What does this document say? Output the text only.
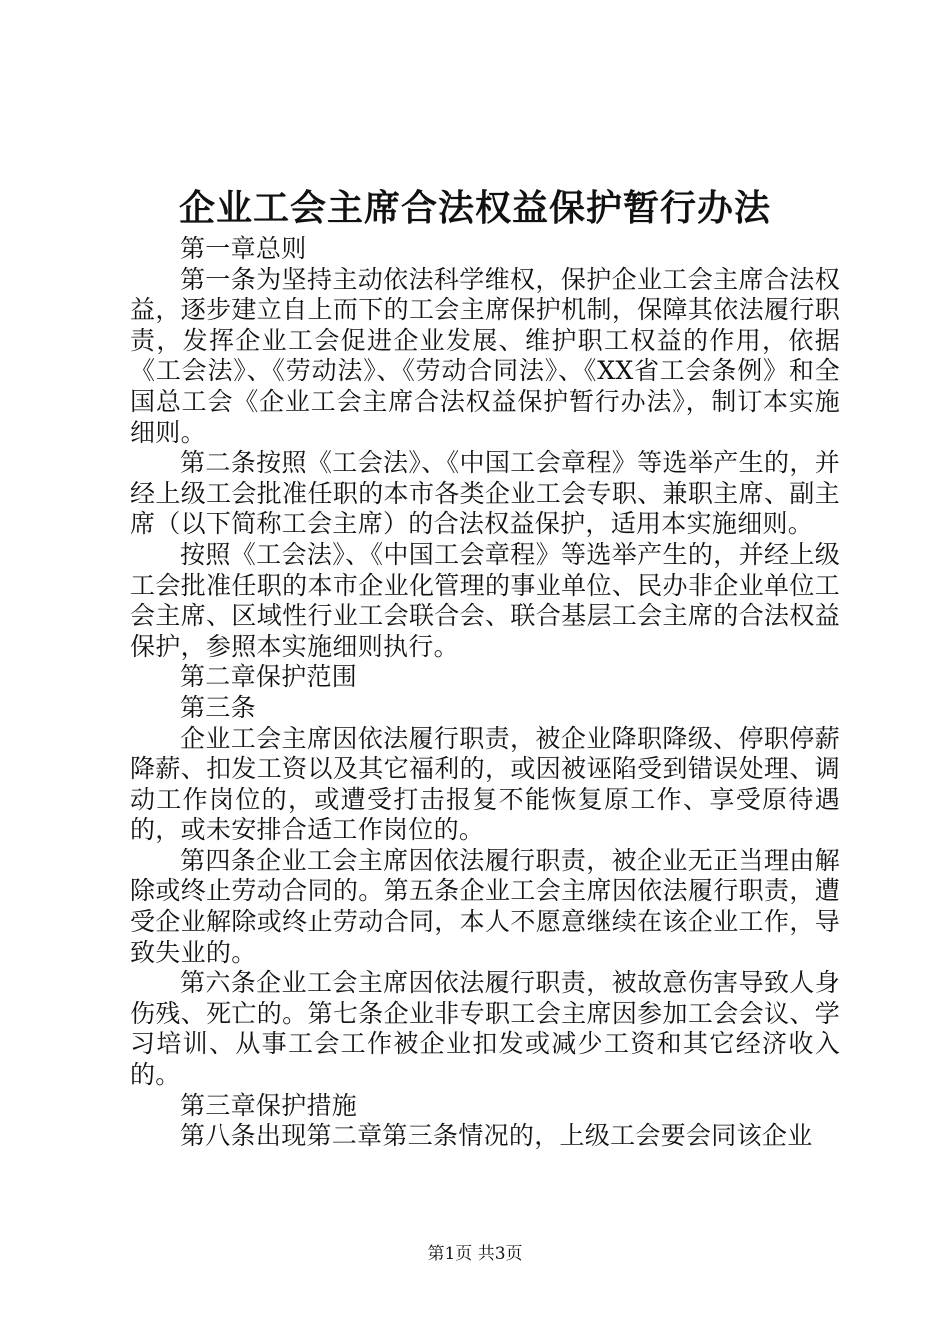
企业工会主席合法权益保护暂行办法

第一章总则

第一条为坚持主动依法科学维权，保护企业工会主席合法权益，逐步建立自上而下的工会主席保护机制，保障其依法履行职责，发挥企业工会促进企业发展、维护职工权益的作用，依据《工会法》、《劳动法》、《劳动合同法》、《XX省工会条例》和全国总工会《企业工会主席合法权益保护暂行办法》，制订本实施细则。

第二条按照《工会法》、《中国工会章程》等选举产生的，并经上级工会批准任职的本市各类企业工会专职、兼职主席、副主席（以下简称工会主席）的合法权益保护，适用本实施细则。

按照《工会法》、《中国工会章程》等选举产生的，并经上级工会批准任职的本市企业化管理的事业单位、民办非企业单位工会主席、区域性行业工会联合会、联合基层工会主席的合法权益保护，参照本实施细则执行。

第二章保护范围

第三条

企业工会主席因依法履行职责，被企业降职降级、停职停薪降薪、扣发工资以及其它福利的，或因被诬陷受到错误处理、调动工作岗位的，或遭受打击报复不能恢复原工作、享受原待遇的，或未安排合适工作岗位的。

第四条企业工会主席因依法履行职责，被企业无正当理由解除或终止劳动合同的。第五条企业工会主席因依法履行职责，遭受企业解除或终止劳动合同，本人不愿意继续在该企业工作，导致失业的。

第六条企业工会主席因依法履行职责，被故意伤害导致人身伤残、死亡的。第七条企业非专职工会主席因参加工会会议、学习培训、从事工会工作被企业扣发或减少工资和其它经济收入的。

第三章保护措施

第八条出现第二章第三条情况的，上级工会要会同该企业

第1页 共3页
